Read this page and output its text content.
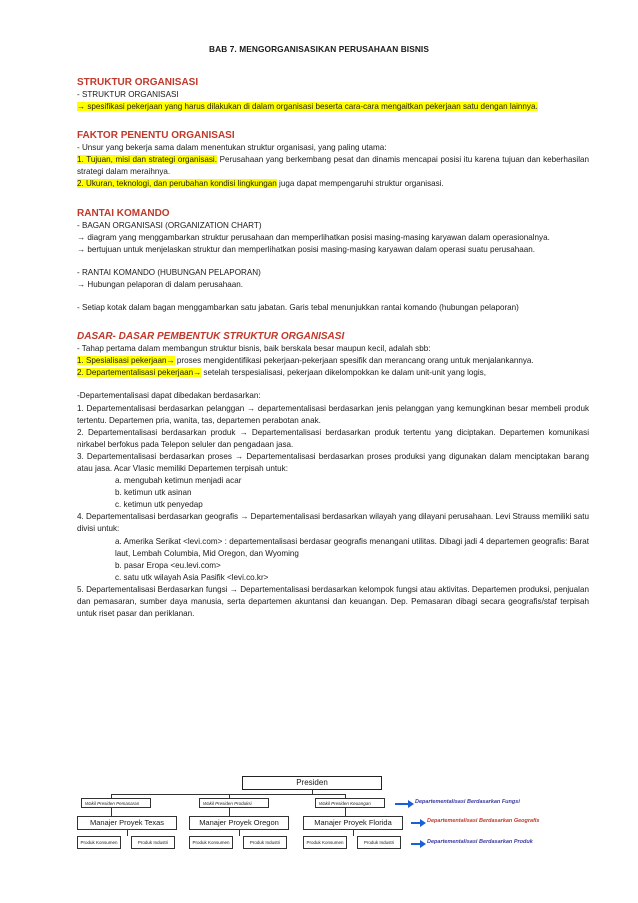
BAB 7. MENGORGANISASIKAN PERUSAHAAN BISNIS
STRUKTUR ORGANISASI

- STRUKTUR ORGANISASI

→ spesifikasi pekerjaan yang harus dilakukan di dalam organisasi beserta cara-cara mengaitkan pekerjaan satu dengan lainnya.

FAKTOR PENENTU ORGANISASI

- Unsur yang bekerja sama dalam menentukan struktur organisasi, yang paling utama:

1. Tujuan, misi dan strategi organisasi. Perusahaan yang berkembang pesat dan dinamis mencapai posisi itu karena tujuan dan keberhasilan strategi dalam meraihnya.

2. Ukuran, teknologi, dan perubahan kondisi lingkungan juga dapat mempengaruhi struktur organisasi.

RANTAI KOMANDO

- BAGAN ORGANISASI (ORGANIZATION CHART)

→ diagram yang menggambarkan struktur perusahaan dan memperlihatkan posisi masing-masing karyawan dalam operasionalnya.

→ bertujuan untuk menjelaskan struktur dan memperlihatkan posisi masing-masing karyawan dalam operasi suatu perusahaan.

- RANTAI KOMANDO (HUBUNGAN PELAPORAN)

→ Hubungan pelaporan di dalam perusahaan.

- Setiap kotak dalam bagan menggambarkan satu jabatan. Garis tebal menunjukkan rantai komando (hubungan pelaporan)

DASAR- DASAR PEMBENTUK STRUKTUR ORGANISASI

- Tahap pertama dalam membangun struktur bisnis, baik berskala besar maupun kecil, adalah sbb:

1. Spesialisasi pekerjaan→ proses mengidentifikasi pekerjaan-pekerjaan spesifik dan merancang orang untuk menjalankannya.

2. Departementalisasi pekerjaan→ setelah terspesialisasi, pekerjaan dikelompokkan ke dalam unit-unit yang logis,

-Departementalisasi dapat dibedakan berdasarkan:

1. Departementalisasi berdasarkan pelanggan → departementalisasi berdasarkan jenis pelanggan yang kemungkinan besar membeli produk tertentu. Departemen pria, wanita, tas, departemen perabotan anak.

2. Departementalisasi berdasarkan produk → Departementalisasi berdasarkan produk tertentu yang diciptakan. Departemen komunikasi nirkabel berfokus pada Telepon seluler dan pengadaan jasa.

3. Departementalisasi berdasarkan proses → Departementalisasi berdasarkan proses produksi yang digunakan dalam menciptakan barang atau jasa. Acar Vlasic memiliki Departemen terpisah untuk:

a. mengubah ketimun menjadi acar

b. ketimun utk asinan

c. ketimun utk penyedap

4. Departementalisasi berdasarkan geografis → Departementalisasi berdasarkan wilayah yang dilayani perusahaan. Levi Strauss memiliki satu divisi untuk:

a. Amerika Serikat <levi.com> : departementalisasi berdasar geografis menangani utilitas. Dibagi jadi 4 departemen geografis: Barat laut, Lembah Columbia, Mid Oregon, dan Wyoming

b. pasar Eropa <eu.levi.com>

c. satu utk wilayah Asia Pasifik <levi.co.kr>

5. Departementalisasi Berdasarkan fungsi → Departementalisasi berdasarkan kelompok fungsi atau aktivitas. Departemen produksi, penjualan dan pemasaran, sumber daya manusia, serta departemen akuntansi dan keuangan. Dep. Pemasaran dibagi secara geografis/staf terpisah untuk riset pasar dan periklanan.

Presiden
Wakil Presiden Pemasaran	Wakil Presiden Produksi	Wakil Presiden Keuangan
Manajer Proyek Texas	Manajer Proyek Oregon	Manajer Proyek Florida
Produk Konsumen	Produk Industri	Produk Konsumen	Produk Industri	Produk Konsumen	Produk Industri
Departementalisasi Berdasarkan Fungsi
Departementalisasi Berdasarkan Geografis
Departementalisasi Berdasarkan Produk
